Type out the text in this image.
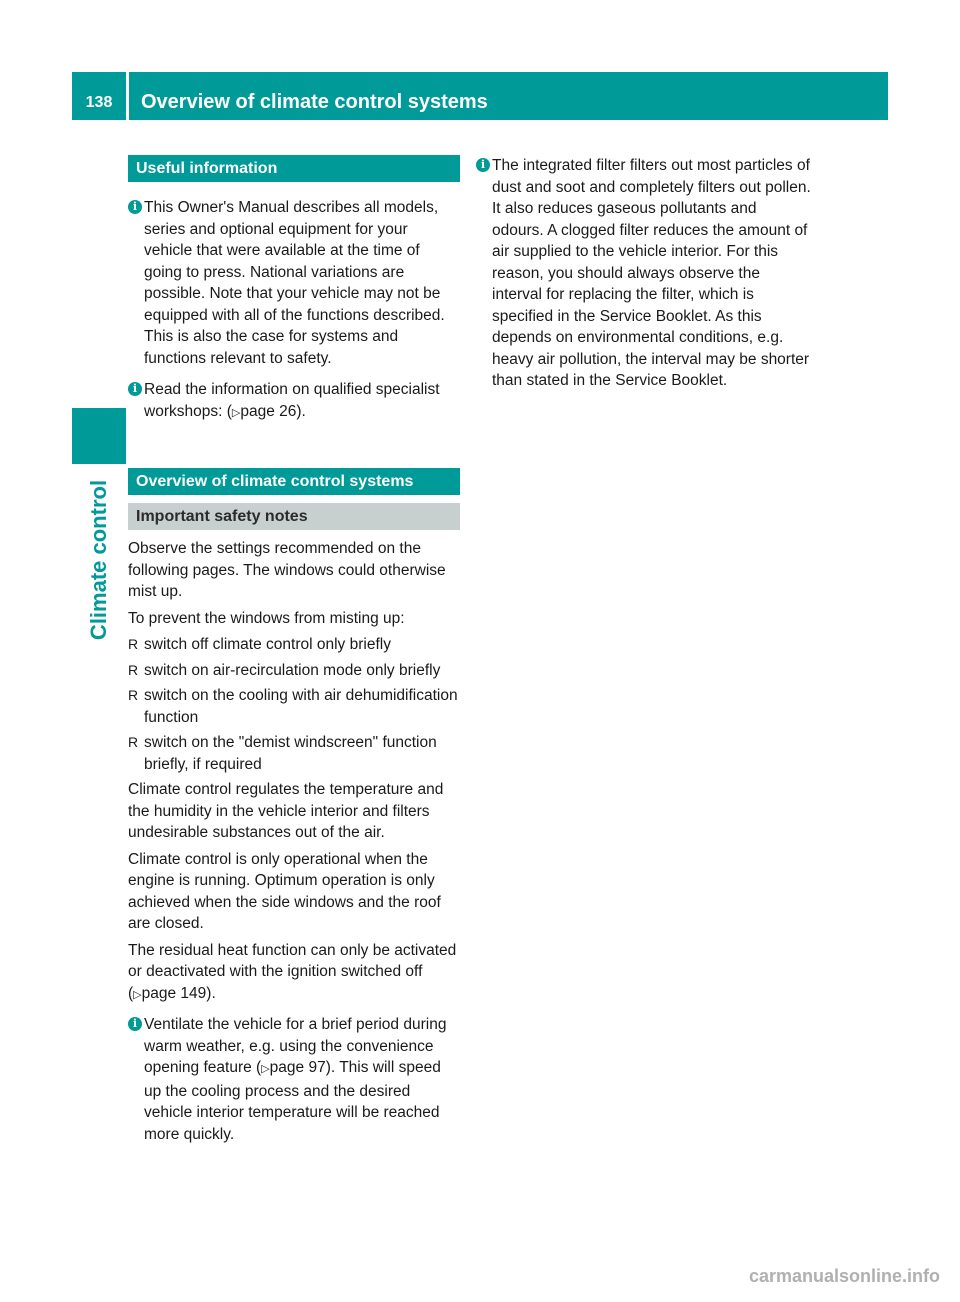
138	Overview of climate control systems
Climate control
Useful information
i This Owner's Manual describes all models, series and optional equipment for your vehicle that were available at the time of going to press. National variations are possible. Note that your vehicle may not be equipped with all of the functions described. This is also the case for systems and functions relevant to safety.
i Read the information on qualified specialist workshops: (▷page 26).
Overview of climate control systems
Important safety notes

Observe the settings recommended on the following pages. The windows could otherwise mist up.

To prevent the windows from misting up:

R switch off climate control only briefly
R switch on air-recirculation mode only briefly
R switch on the cooling with air dehumidification function
R switch on the "demist windscreen" function briefly, if required

Climate control regulates the temperature and the humidity in the vehicle interior and filters undesirable substances out of the air.

Climate control is only operational when the engine is running. Optimum operation is only achieved when the side windows and the roof are closed.

The residual heat function can only be activated or deactivated with the ignition switched off (▷page 149).

i Ventilate the vehicle for a brief period during warm weather, e.g. using the convenience opening feature (▷page 97). This will speed up the cooling process and the desired vehicle interior temperature will be reached more quickly.
i The integrated filter filters out most particles of dust and soot and completely filters out pollen. It also reduces gaseous pollutants and odours. A clogged filter reduces the amount of air supplied to the vehicle interior. For this reason, you should always observe the interval for replacing the filter, which is specified in the Service Booklet. As this depends on environmental conditions, e.g. heavy air pollution, the interval may be shorter than stated in the Service Booklet.
carmanualsonline.info
